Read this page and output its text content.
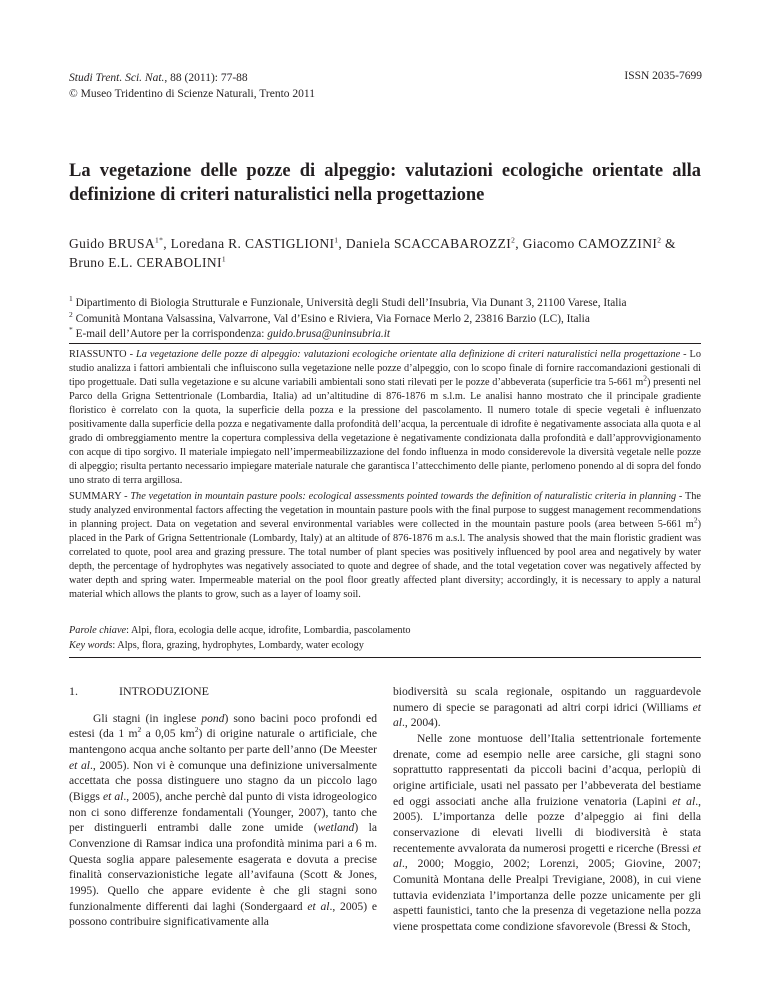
Studi Trent. Sci. Nat., 88 (2011): 77-88
© Museo Tridentino di Scienze Naturali, Trento 2011
ISSN 2035-7699
La vegetazione delle pozze di alpeggio: valutazioni ecologiche orientate alla definizione di criteri naturalistici nella progettazione
Guido $BRUSA^{1*}$, Loredana R. CASTIGLIONI$^1$, Daniela SCACCABAROZZI$^2$, Giacomo CAMOZZINI$^2$ & Bruno E.L. CERABOLINI$^1$
$^1$ Dipartimento di Biologia Strutturale e Funzionale, Università degli Studi dell’Insubria, Via Dunant 3, 21100 Varese, Italia
$^2$ Comunità Montana Valsassina, Valvarrone, Val d’Esino e Riviera, Via Fornace Merlo 2, 23816 Barzio (LC), Italia
* E-mail dell’Autore per la corrispondenza: guido.brusa@uninsubria.it

RIASSUNTO - La vegetazione delle pozze di alpeggio: valutazioni ecologiche orientate alla definizione di criteri naturalistici nella progettazione - Lo studio analizza i fattori ambientali che influiscono sulla vegetazione nelle pozze d’alpeggio, con lo scopo finale di fornire raccomandazioni gestionali di tipo progettuale. Dati sulla vegetazione e su alcune variabili ambientali sono stati rilevati per le pozze d’abbeverata (superficie tra 5-661 $m^2$) presenti nel Parco della Grigna Settentrionale (Lombardia, Italia) ad un’altitudine di 876-1876 m s.l.m. Le analisi hanno mostrato che il principale gradiente floristico è correlato con la quota, la superficie della pozza e la pressione del pascolamento. Il numero totale di specie vegetali è influenzato positivamente dalla superficie della pozza e negativamente dalla profondità dell’acqua, la percentuale di idrofite è negativamente associata alla quota e al grado di ombreggiamento mentre la copertura complessiva della vegetazione è negativamente condizionata dalla profondità e dall’approvvigionamento con acque di tipo sorgivo. Il materiale impiegato nell’impermeabilizzazione del fondo influenza in modo considerevole la diversità vegetale nelle pozze di alpeggio; risulta pertanto necessario impiegare materiale naturale che garantisca l’attecchimento delle piante, perlomeno ponendo al di sopra del fondo uno strato di terra argillosa.

SUMMARY - The vegetation in mountain pasture pools: ecological assessments pointed towards the definition of naturalistic criteria in planning - The study analyzed environmental factors affecting the vegetation in mountain pasture pools with the final purpose to suggest management recommendations in planning project. Data on vegetation and several environmental variables were collected in the mountain pasture pools (area between 5-661 $m^2$) placed in the Park of Grigna Settentrionale (Lombardy, Italy) at an altitude of 876-1876 m a.s.l. The analysis showed that the main floristic gradient was correlated to quote, pool area and grazing pressure. The total number of plant species was positively influenced by pool area and negatively by water depth, the percentage of hydrophytes was negatively associated to quote and degree of shade, and the total vegetation cover was negatively affected by water depth and spring water. Impermeable material on the pool floor greatly affected plant diversity; accordingly, it is necessary to apply a natural material which allows the plants to grow, such as a layer of loamy soil.

Parole chiave: Alpi, flora, ecologia delle acque, idrofite, Lombardia, pascolamento
Key words: Alps, flora, grazing, hydrophytes, Lombardy, water ecology
1.	INTRODUZIONE

Gli stagni (in inglese pond) sono bacini poco profondi ed estesi (da 1 $m^2$ a 0,05 $km^2$) di origine naturale o artificiale, che mantengono acqua anche soltanto per parte dell’anno (De Meester et al., 2005). Non vi è comunque una definizione universalmente accettata che possa distinguere uno stagno da un piccolo lago (Biggs et al., 2005), anche perchè dal punto di vista idrogeologico non ci sono differenze fondamentali (Younger, 2007), tanto che per distinguerli entrambi dalle zone umide (wetland) la Convenzione di Ramsar indica una profondità minima pari a 6 m. Questa soglia appare palesemente esagerata e dovuta a precise finalità conservazionistiche legate all’avifauna (Scott & Jones, 1995). Quello che appare evidente è che gli stagni sono funzionalmente differenti dai laghi (Sondergaard et al., 2005) e possono contribuire significativamente alla

biodiversità su scala regionale, ospitando un ragguardevole numero di specie se paragonati ad altri corpi idrici (Williams et al., 2004).

Nelle zone montuose dell’Italia settentrionale fortemente drenate, come ad esempio nelle aree carsiche, gli stagni sono soprattutto rappresentati da piccoli bacini d’acqua, perlopiù di origine artificiale, usati nel passato per l’abbeverata del bestiame ed oggi associati anche alla fruizione venatoria (Lapini et al., 2005). L’importanza delle pozze d’alpeggio ai fini della conservazione di elevati livelli di biodiversità è stata recentemente avvalorata da numerosi progetti e ricerche (Bressi et al., 2000; Moggio, 2002; Lorenzi, 2005; Giovine, 2007; Comunità Montana delle Prealpi Trevigiane, 2008), in cui viene tuttavia evidenziata l’importanza delle pozze unicamente per gli aspetti faunistici, tanto che la presenza di vegetazione nella pozza viene prospettata come condizione sfavorevole (Bressi & Stoch,
